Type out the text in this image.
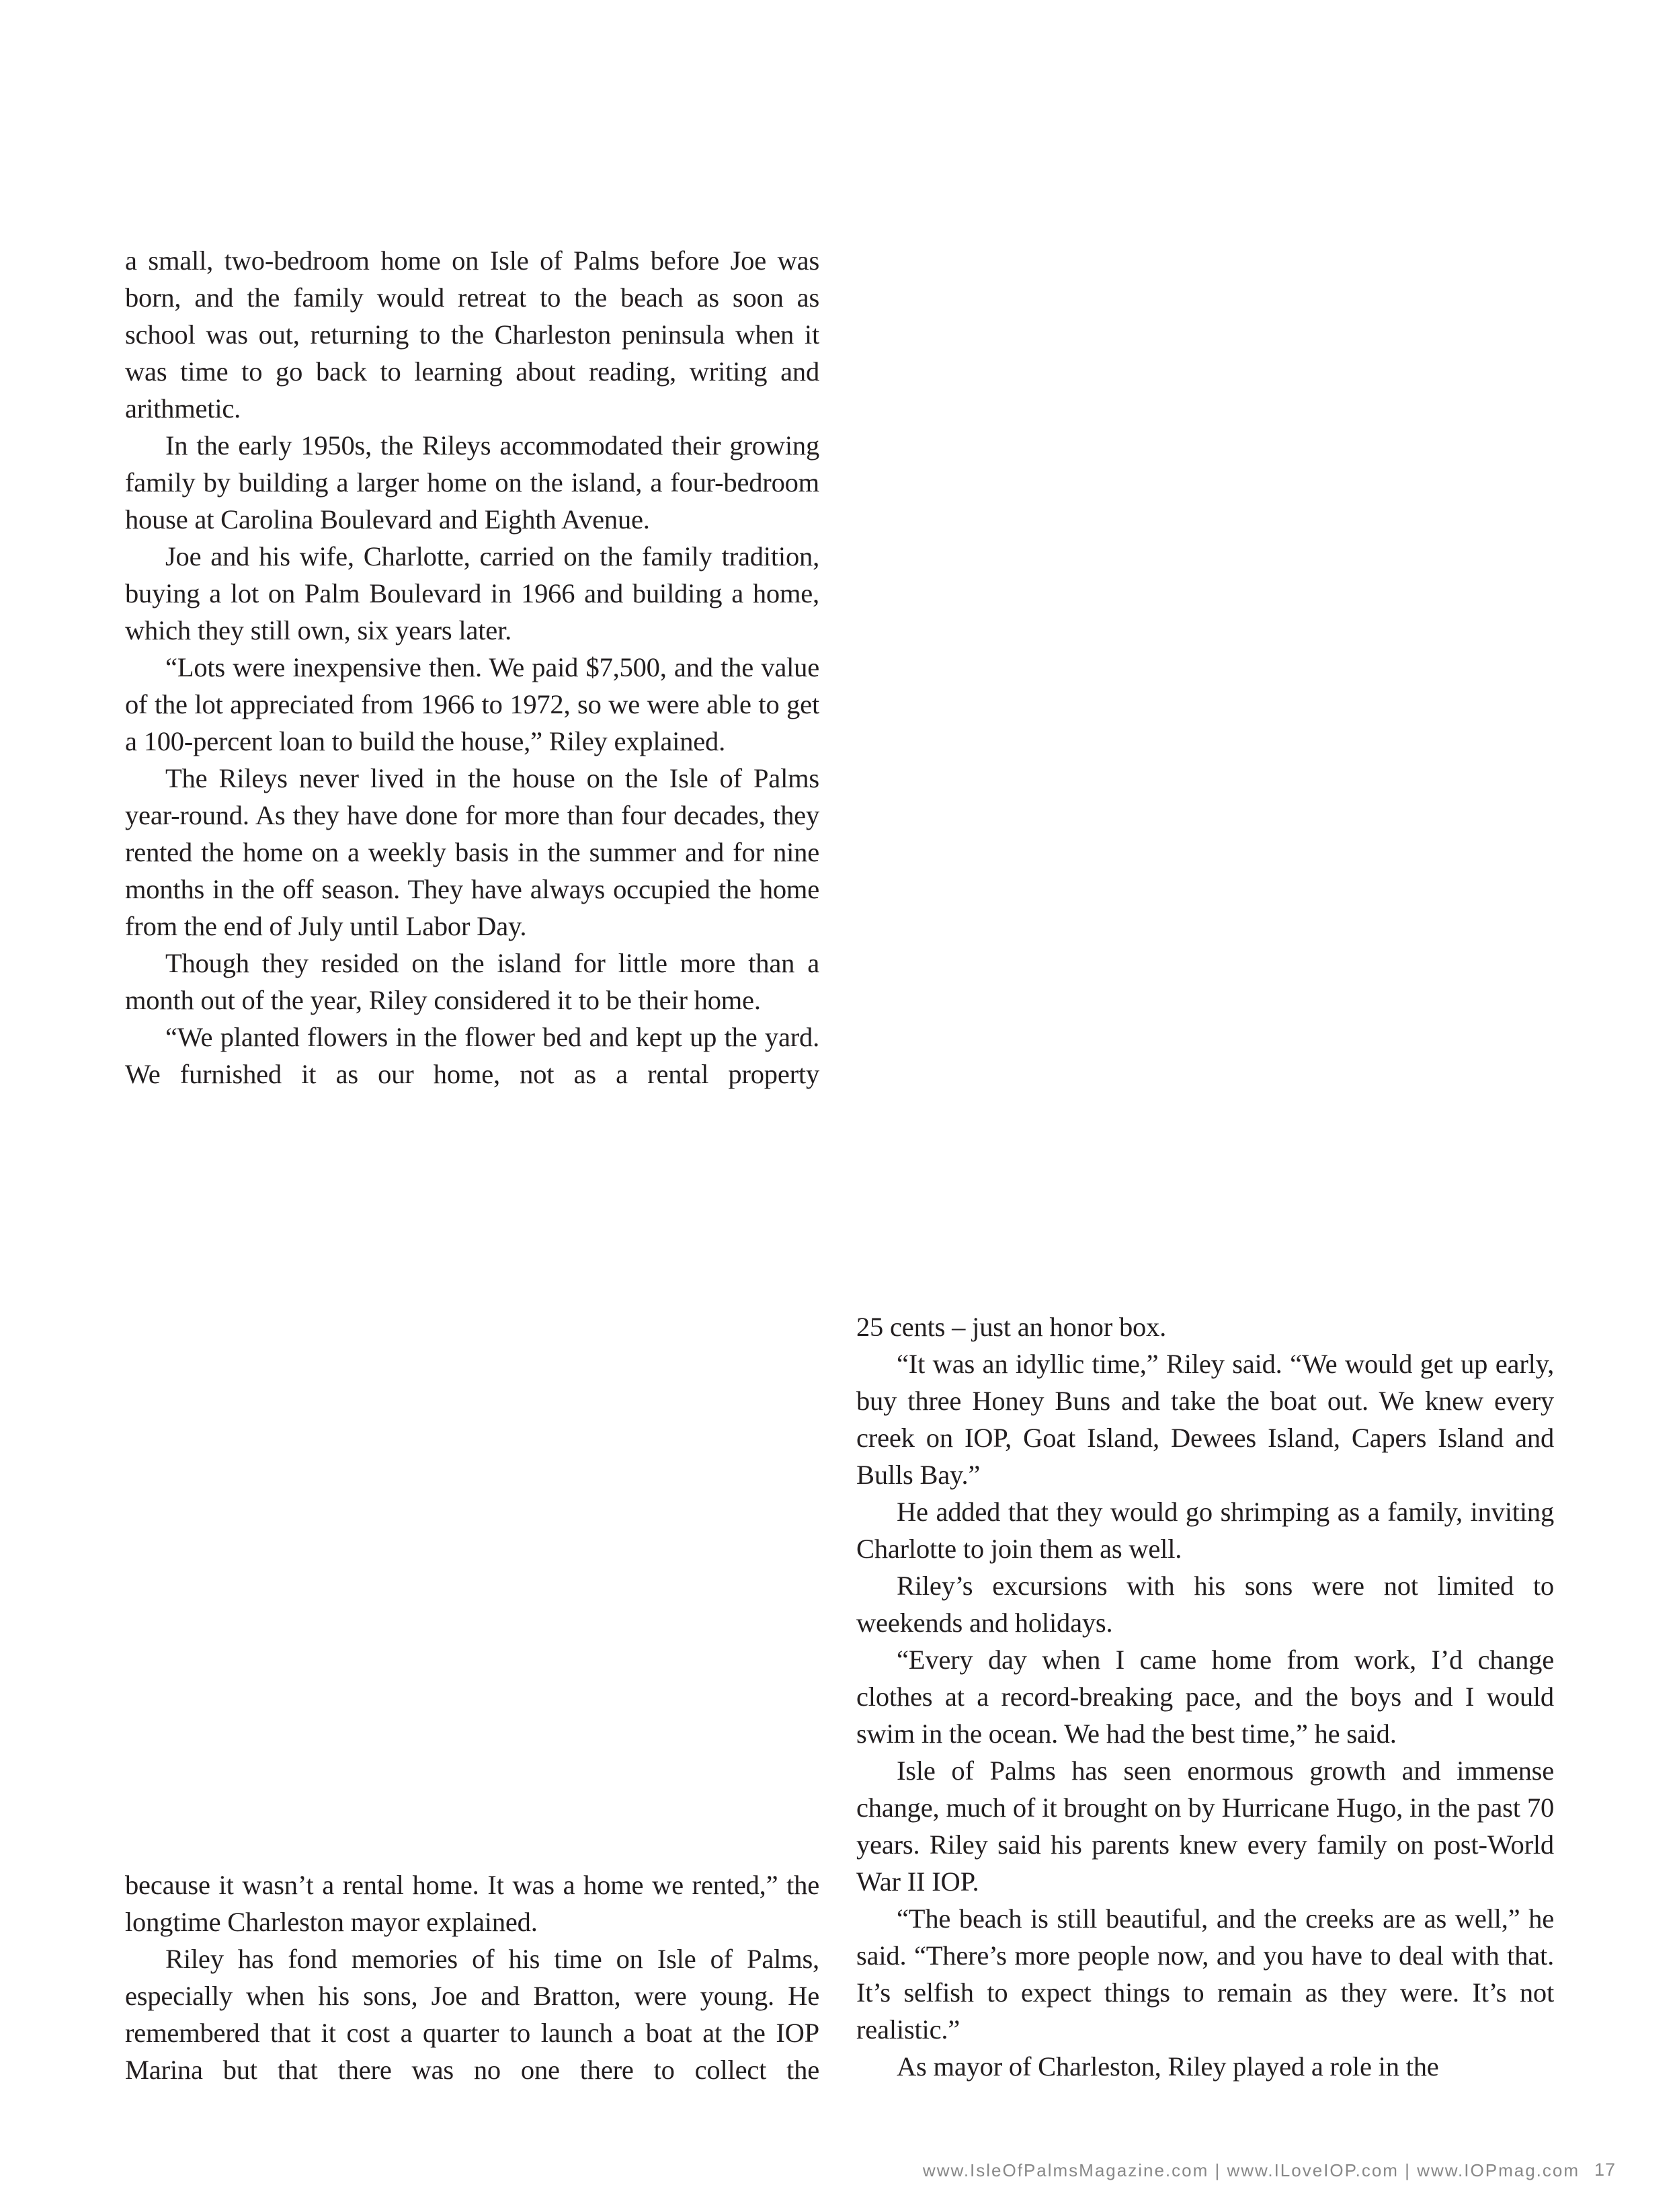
a small, two-bedroom home on Isle of Palms before Joe was born, and the family would retreat to the beach as soon as school was out, returning to the Charleston peninsula when it was time to go back to learning about reading, writing and arithmetic.

In the early 1950s, the Rileys accommodated their growing family by building a larger home on the island, a four-bedroom house at Carolina Boulevard and Eighth Avenue.

Joe and his wife, Charlotte, carried on the family tradition, buying a lot on Palm Boulevard in 1966 and building a home, which they still own, six years later.

“Lots were inexpensive then. We paid $7,500, and the value of the lot appreciated from 1966 to 1972, so we were able to get a 100-percent loan to build the house,” Riley explained.

The Rileys never lived in the house on the Isle of Palms year-round. As they have done for more than four decades, they rented the home on a weekly basis in the summer and for nine months in the off season. They have always occupied the home from the end of July until Labor Day.

Though they resided on the island for little more than a month out of the year, Riley considered it to be their home.

“We planted flowers in the flower bed and kept up the yard. We furnished it as our home, not as a rental property

because it wasn’t a rental home. It was a home we rented,” the longtime Charleston mayor explained.

Riley has fond memories of his time on Isle of Palms, especially when his sons, Joe and Bratton, were young. He remembered that it cost a quarter to launch a boat at the IOP Marina but that there was no one there to collect the

25 cents – just an honor box.

“It was an idyllic time,” Riley said. “We would get up early, buy three Honey Buns and take the boat out. We knew every creek on IOP, Goat Island, Dewees Island, Capers Island and Bulls Bay.”

He added that they would go shrimping as a family, inviting Charlotte to join them as well.

Riley’s excursions with his sons were not limited to weekends and holidays.

“Every day when I came home from work, I’d change clothes at a record-breaking pace, and the boys and I would swim in the ocean. We had the best time,” he said.

Isle of Palms has seen enormous growth and immense change, much of it brought on by Hurricane Hugo, in the past 70 years. Riley said his parents knew every family on post-World War II IOP.

“The beach is still beautiful, and the creeks are as well,” he said. “There’s more people now, and you have to deal with that. It’s selfish to expect things to remain as they were. It’s not realistic.”

As mayor of Charleston, Riley played a role in the

www.IsleOfPalmsMagazine.com | www.ILoveIOP.com | www.IOPmag.com 17
